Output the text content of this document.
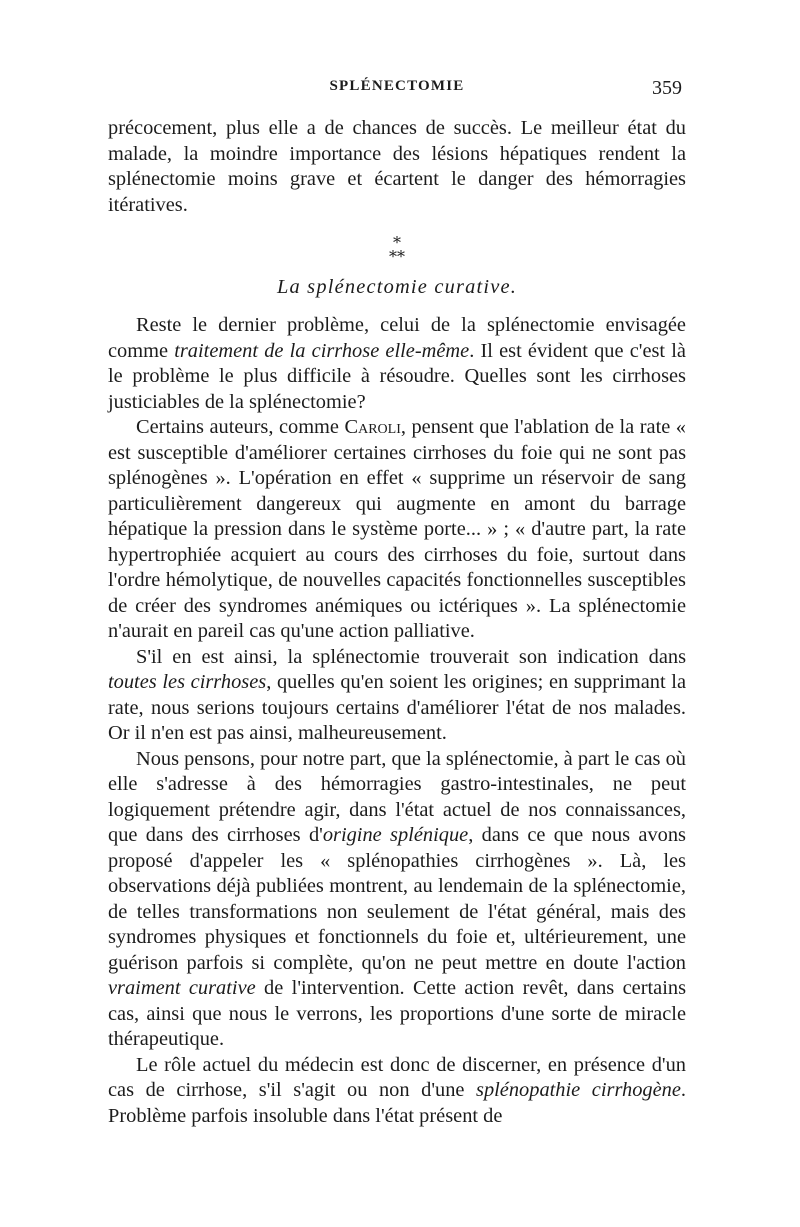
SPLÉNECTOMIE	359

précocement, plus elle a de chances de succès. Le meilleur état du malade, la moindre importance des lésions hépatiques rendent la splénectomie moins grave et écartent le danger des hémorragies itératives.

*
**
La splénectomie curative.

Reste le dernier problème, celui de la splénectomie envisagée comme traitement de la cirrhose elle-même. Il est évident que c'est là le problème le plus difficile à résoudre. Quelles sont les cirrhoses justiciables de la splénectomie?

Certains auteurs, comme Caroli, pensent que l'ablation de la rate « est susceptible d'améliorer certaines cirrhoses du foie qui ne sont pas splénogènes ». L'opération en effet « supprime un réservoir de sang particulièrement dangereux qui augmente en amont du barrage hépatique la pression dans le système porte... » ; « d'autre part, la rate hypertrophiée acquiert au cours des cirrhoses du foie, surtout dans l'ordre hémolytique, de nouvelles capacités fonctionnelles susceptibles de créer des syndromes anémiques ou ictériques ». La splénectomie n'aurait en pareil cas qu'une action palliative.

S'il en est ainsi, la splénectomie trouverait son indication dans toutes les cirrhoses, quelles qu'en soient les origines; en supprimant la rate, nous serions toujours certains d'améliorer l'état de nos malades. Or il n'en est pas ainsi, malheureusement.

Nous pensons, pour notre part, que la splénectomie, à part le cas où elle s'adresse à des hémorragies gastro-intestinales, ne peut logiquement prétendre agir, dans l'état actuel de nos connaissances, que dans des cirrhoses d'origine splénique, dans ce que nous avons proposé d'appeler les « splénopathies cirrhogènes ». Là, les observations déjà publiées montrent, au lendemain de la splénectomie, de telles transformations non seulement de l'état général, mais des syndromes physiques et fonctionnels du foie et, ultérieurement, une guérison parfois si complète, qu'on ne peut mettre en doute l'action vraiment curative de l'intervention. Cette action revêt, dans certains cas, ainsi que nous le verrons, les proportions d'une sorte de miracle thérapeutique.

Le rôle actuel du médecin est donc de discerner, en présence d'un cas de cirrhose, s'il s'agit ou non d'une splénopathie cirrhogène. Problème parfois insoluble dans l'état présent de
